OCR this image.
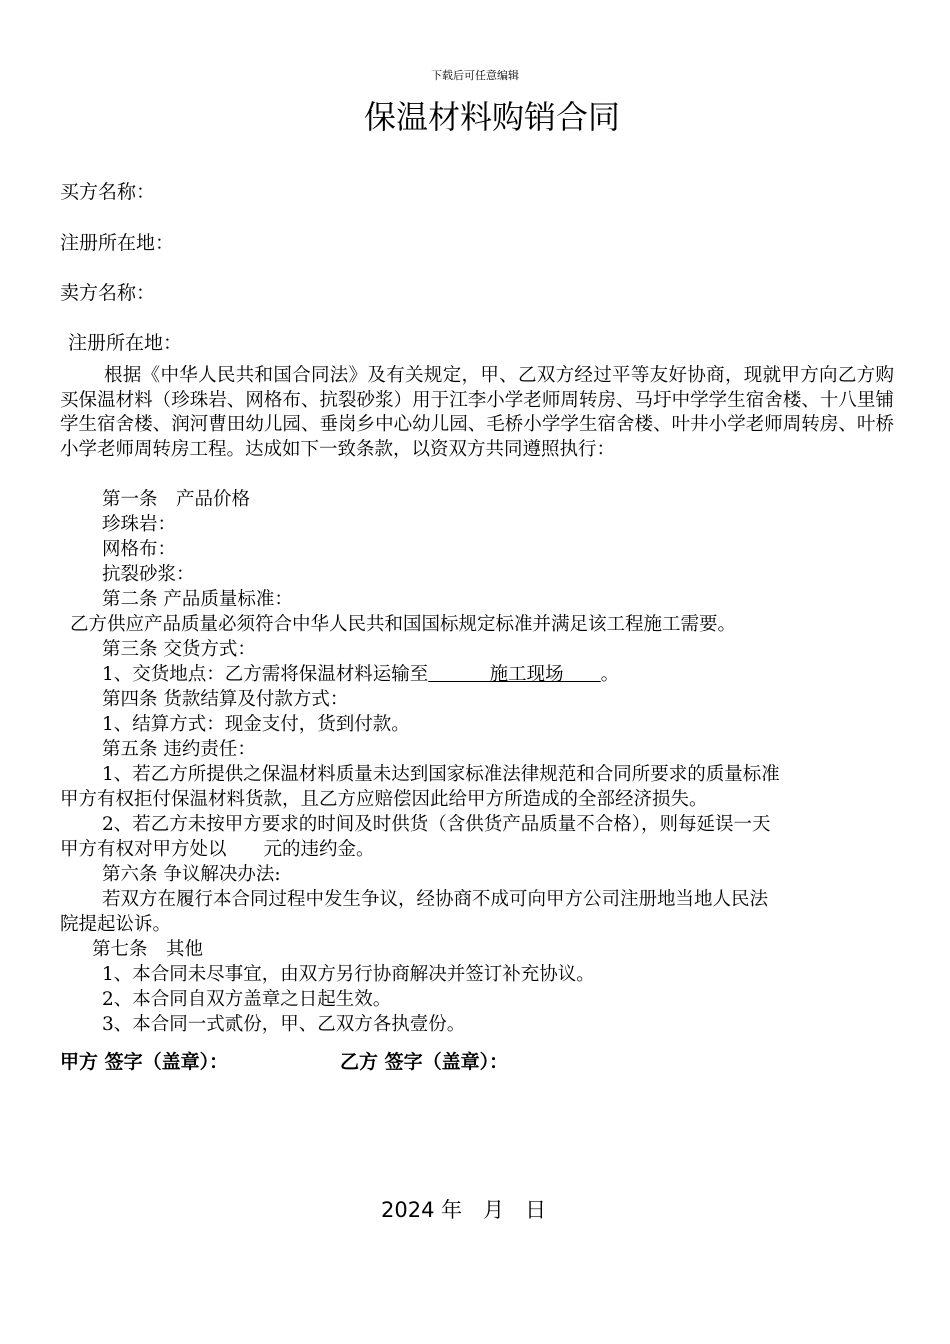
下载后可任意编辑
保温材料购销合同
买方名称：
注册所在地：
卖方名称：
注册所在地：
根据《中华人民共和国合同法》及有关规定，甲、乙双方经过平等友好协商，现就甲方向乙方购买保温材料（珍珠岩、网格布、抗裂砂浆）用于江李小学老师周转房、马圩中学学生宿舍楼、十八里铺学生宿舍楼、润河曹田幼儿园、垂岗乡中心幼儿园、毛桥小学学生宿舍楼、叶井小学老师周转房、叶桥小学老师周转房工程。达成如下一致条款，以资双方共同遵照执行：
第一条　产品价格
珍珠岩：
网格布：
抗裂砂浆：
第二条 产品质量标准：
乙方供应产品质量必须符合中华人民共和国国标规定标准并满足该工程施工需要。
第三条 交货方式：
1、交货地点：乙方需将保温材料运输至　　　 施工现场　　。
第四条 货款结算及付款方式：
1、结算方式：现金支付，货到付款。
第五条 违约责任：
1、若乙方所提供之保温材料质量未达到国家标准法律规范和合同所要求的质量标准
甲方有权拒付保温材料货款，且乙方应赔偿因此给甲方所造成的全部经济损失。
2、若乙方未按甲方要求的时间及时供货（含供货产品质量不合格），则每延误一天
甲方有权对甲方处以　　元的违约金。
第六条 争议解决办法:
若双方在履行本合同过程中发生争议，经协商不成可向甲方公司注册地当地人民法
院提起讼诉。
第七条　其他
1、本合同未尽事宜，由双方另行协商解决并签订补充协议。
2、本合同自双方盖章之日起生效。
3、本合同一式贰份，甲、乙双方各执壹份。
甲方 签字（盖章）：	乙方 签字（盖章）：
2024 年　月　日
